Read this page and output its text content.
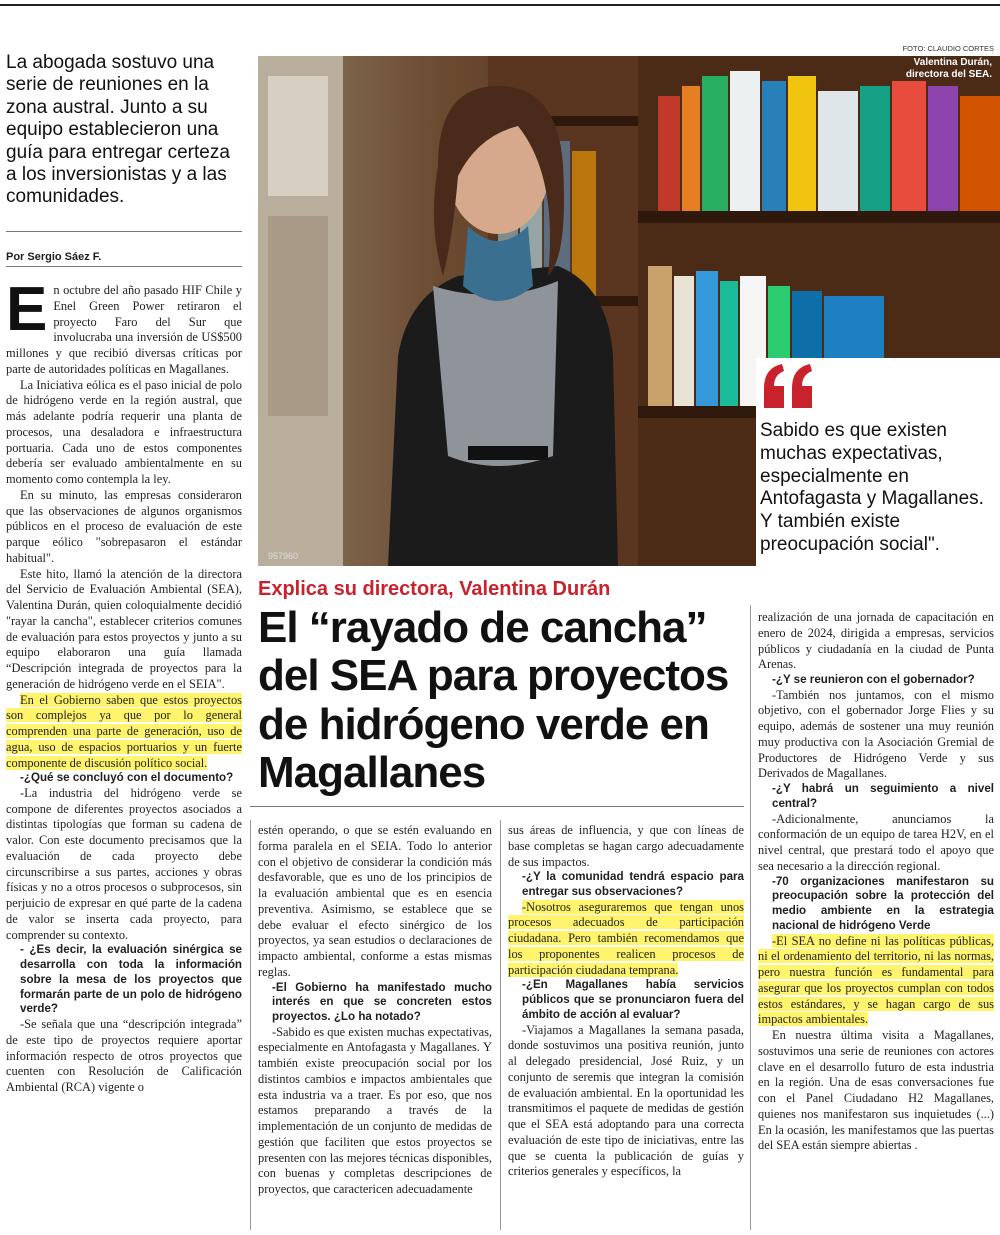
La abogada sostuvo una serie de reuniones en la zona austral. Junto a su equipo establecieron una guía para entregar certeza a los inversionistas y a las comunidades.
Por Sergio Sáez F.
FOTO: CLAUDIO CORTES
Valentina Durán, directora del SEA.
957960
Sabido es que existen muchas expectativas, especialmente en Antofagasta y Magallanes. Y también existe preocupación social".
Explica su directora, Valentina Durán
El “rayado de cancha” del SEA para proyectos de hidrógeno verde en Magallanes
E n octubre del año pasado HIF Chile y Enel Green Power retiraron el proyecto Faro del Sur que involucraba una inversión de US$500 millones y que recibió diversas críticas por parte de autoridades políticas en Magallanes.

La Iniciativa eólica es el paso inicial de polo de hidrógeno verde en la región austral, que más adelante podría requerir una planta de procesos, una desaladora e infraestructura portuaria. Cada uno de estos componentes debería ser evaluado ambientalmente en su momento como contempla la ley.

En su minuto, las empresas consideraron que las observaciones de algunos organismos públicos en el proceso de evaluación de este parque eólico "sobrepasaron el estándar habitual".

Este hito, llamó la atención de la directora del Servicio de Evaluación Ambiental (SEA), Valentina Durán, quien coloquialmente decidió "rayar la cancha", establecer criterios comunes de evaluación para estos proyectos y junto a su equipo elaboraron una guía llamada “Descripción integrada de proyectos para la generación de hidrógeno verde en el SEIA".

En el Gobierno saben que estos proyectos son complejos ya que por lo general comprenden una parte de generación, uso de agua, uso de espacios portuarios y un fuerte componente de discusión político social.

-¿Qué se concluyó con el documento?

-La industria del hidrógeno verde se compone de diferentes proyectos asociados a distintas tipologías que forman su cadena de valor. Con este documento precisamos que la evaluación de cada proyecto debe circunscribirse a sus partes, acciones y obras físicas y no a otros procesos o subprocesos, sin perjuicio de expresar en qué parte de la cadena de valor se inserta cada proyecto, para comprender su contexto.

- ¿Es decir, la evaluación sinérgica se desarrolla con toda la información sobre la mesa de los proyectos que formarán parte de un polo de hidrógeno verde?

-Se señala que una “descripción integrada” de este tipo de proyectos requiere aportar información respecto de otros proyectos que cuenten con Resolución de Calificación Ambiental (RCA) vigente o

estén operando, o que se estén evaluando en forma paralela en el SEIA. Todo lo anterior con el objetivo de considerar la condición más desfavorable, que es uno de los principios de la evaluación ambiental que es en esencia preventiva. Asimismo, se establece que se debe evaluar el efecto sinérgico de los proyectos, ya sean estudios o declaraciones de impacto ambiental, conforme a estas mismas reglas.

-El Gobierno ha manifestado mucho interés en que se concreten estos proyectos. ¿Lo ha notado?

-Sabido es que existen muchas expectativas, especialmente en Antofagasta y Magallanes. Y también existe preocupación social por los distintos cambios e impactos ambientales que esta industria va a traer. Es por eso, que nos estamos preparando a través de la implementación de un conjunto de medidas de gestión que faciliten que estos proyectos se presenten con las mejores técnicas disponibles, con buenas y completas descripciones de proyectos, que caractericen adecuadamente

sus áreas de influencia, y que con líneas de base completas se hagan cargo adecuadamente de sus impactos.

-¿Y la comunidad tendrá espacio para entregar sus observaciones?

-Nosotros aseguraremos que tengan unos procesos adecuados de participación ciudadana. Pero también recomendamos que los proponentes realicen procesos de participación ciudadana temprana.

-¿En Magallanes había servicios públicos que se pronunciaron fuera del ámbito de acción al evaluar?

-Viajamos a Magallanes la semana pasada, donde sostuvimos una positiva reunión, junto al delegado presidencial, José Ruiz, y un conjunto de seremis que integran la comisión de evaluación ambiental. En la oportunidad les transmitimos el paquete de medidas de gestión que el SEA está adoptando para una correcta evaluación de este tipo de iniciativas, entre las que se cuenta la publicación de guías y criterios generales y específicos, la

realización de una jornada de capacitación en enero de 2024, dirigida a empresas, servicios públicos y ciudadanía en la ciudad de Punta Arenas.

-¿Y se reunieron con el gobernador?

-También nos juntamos, con el mismo objetivo, con el gobernador Jorge Flies y su equipo, además de sostener una muy reunión muy productiva con la Asociación Gremial de Productores de Hidrógeno Verde y sus Derivados de Magallanes.

-¿Y habrá un seguimiento a nivel central?

-Adicionalmente, anunciamos la conformación de un equipo de tarea H2V, en el nivel central, que prestará todo el apoyo que sea necesario a la dirección regional.

-70 organizaciones manifestaron su preocupación sobre la protección del medio ambiente en la estrategia nacional de hidrógeno Verde

-El SEA no define ni las políticas públicas, ni el ordenamiento del territorio, ni las normas, pero nuestra función es fundamental para asegurar que los proyectos cumplan con todos estos estándares, y se hagan cargo de sus impactos ambientales.

En nuestra última visita a Magallanes, sostuvimos una serie de reuniones con actores clave en el desarrollo futuro de esta industria en la región. Una de esas conversaciones fue con el Panel Ciudadano H2 Magallanes, quienes nos manifestaron sus inquietudes (...) En la ocasión, les manifestamos que las puertas del SEA están siempre abiertas .
